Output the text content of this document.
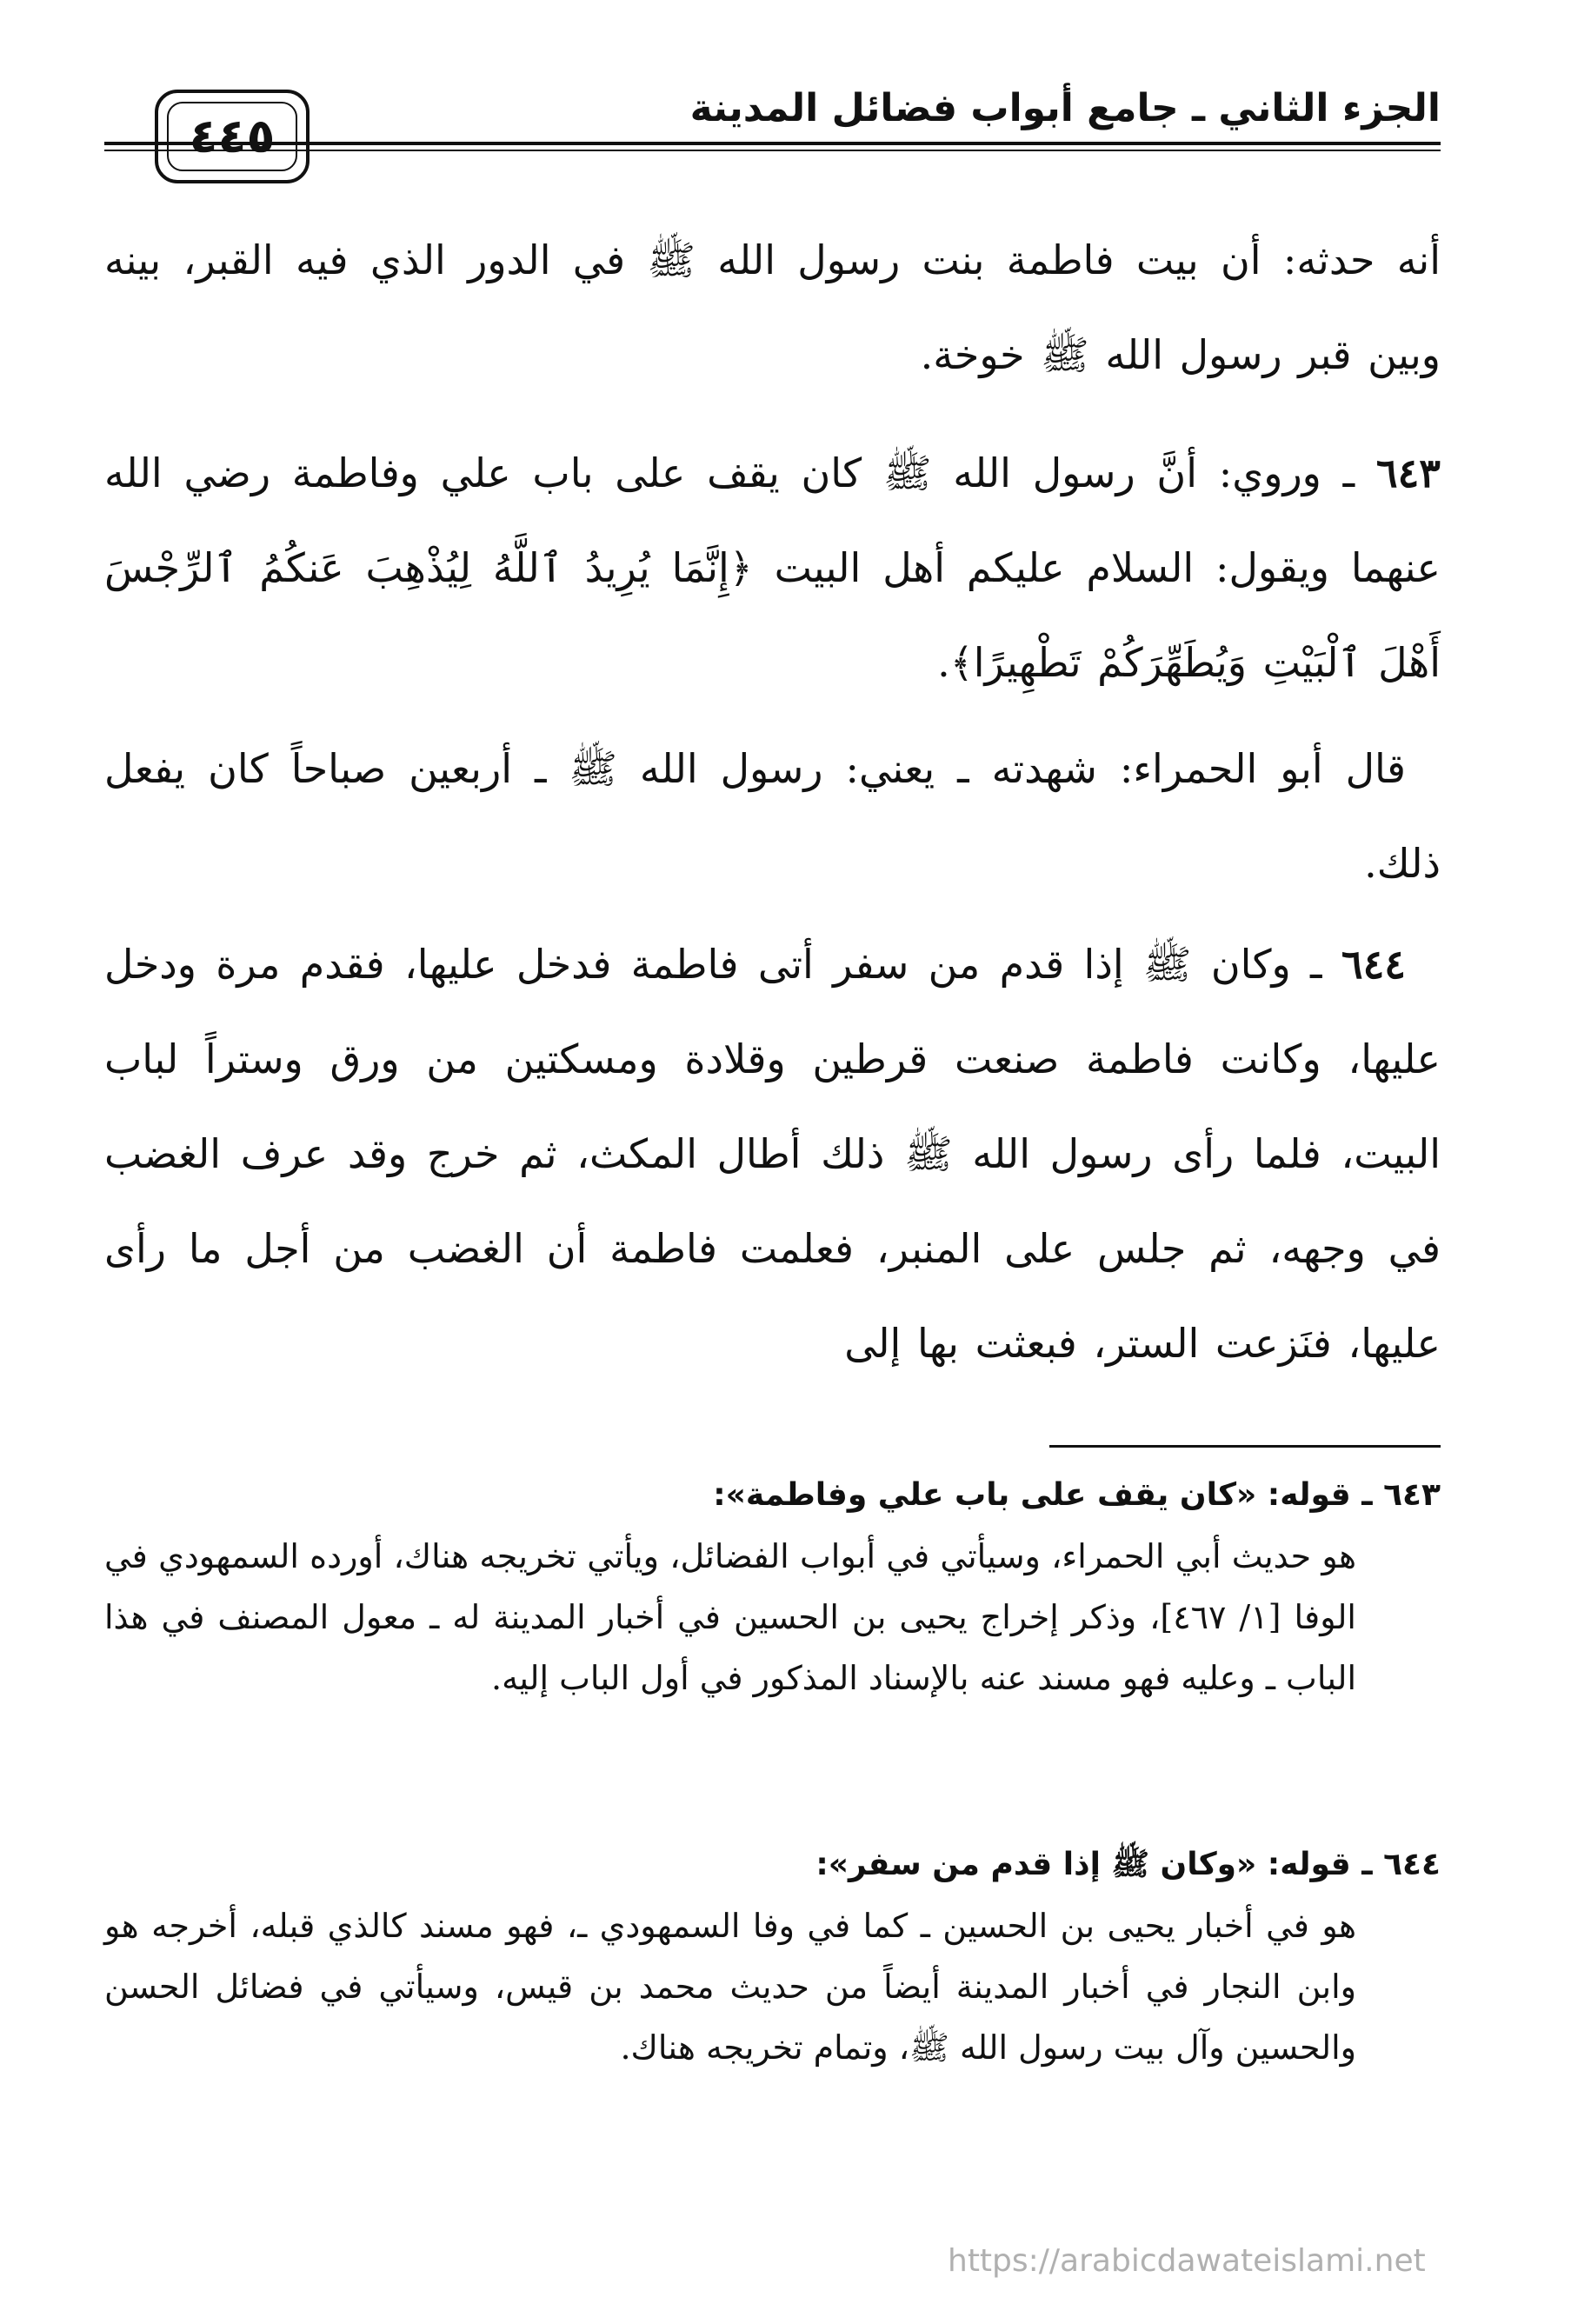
الجزء الثاني ـ جامع أبواب فضائل المدينة
٤٤٥
أنه حدثه: أن بيت فاطمة بنت رسول الله ﷺ في الدور الذي فيه القبر، بينه وبين قبر رسول الله ﷺ خوخة.
٦٤٣ ـ وروي: أنَّ رسول الله ﷺ كان يقف على باب علي وفاطمة رضي الله عنهما ويقول: السلام عليكم أهل البيت ﴿إِنَّمَا يُرِيدُ ٱللَّهُ لِيُذْهِبَ عَنكُمُ ٱلرِّجْسَ أَهْلَ ٱلْبَيْتِ وَيُطَهِّرَكُمْ تَطْهِيرًا﴾.
قال أبو الحمراء: شهدته ـ يعني: رسول الله ﷺ ـ أربعين صباحاً كان يفعل ذلك.
٦٤٤ ـ وكان ﷺ إذا قدم من سفر أتى فاطمة فدخل عليها، فقدم مرة ودخل عليها، وكانت فاطمة صنعت قرطين وقلادة ومسكتين من ورق وستراً لباب البيت، فلما رأى رسول الله ﷺ ذلك أطال المكث، ثم خرج وقد عرف الغضب في وجهه، ثم جلس على المنبر، فعلمت فاطمة أن الغضب من أجل ما رأى عليها، فنَزعت الستر، فبعثت بها إلى
٦٤٣ ـ قوله: «كان يقف على باب علي وفاطمة»:
هو حديث أبي الحمراء، وسيأتي في أبواب الفضائل، ويأتي تخريجه هناك، أورده السمهودي في الوفا [١/ ٤٦٧]، وذكر إخراج يحيى بن الحسين في أخبار المدينة له ـ معول المصنف في هذا الباب ـ وعليه فهو مسند عنه بالإسناد المذكور في أول الباب إليه.
٦٤٤ ـ قوله: «وكان ﷺ إذا قدم من سفر»:
هو في أخبار يحيى بن الحسين ـ كما في وفا السمهودي ـ، فهو مسند كالذي قبله، أخرجه هو وابن النجار في أخبار المدينة أيضاً من حديث محمد بن قيس، وسيأتي في فضائل الحسن والحسين وآل بيت رسول الله ﷺ، وتمام تخريجه هناك.
https://arabicdawateislami.net
